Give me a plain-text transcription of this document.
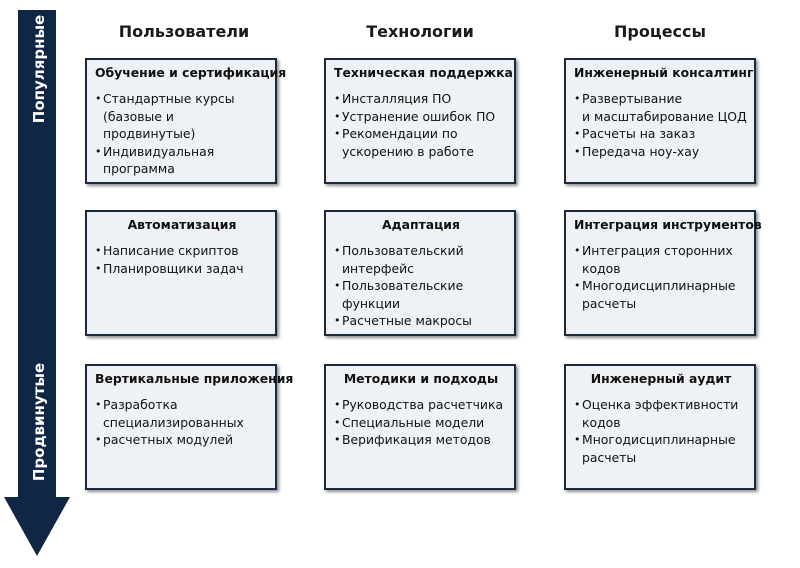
Популярные
Продвинутые
Пользователи	Технологии	Процессы
Обучение и сертификация
• Стандартные курсы
(базовые и продвинутые)
• Индивидуальная программа
Техническая поддержка
• Инсталляция ПО
• Устранение ошибок ПО
• Рекомендации по
ускорению в работе
Инженерный консалтинг
• Развертывание
и масштабирование ЦОД
• Расчеты на заказ
• Передача ноу-хау
Автоматизация
• Написание скриптов
• Планировщики задач
Адаптация
• Пользовательский
интерфейс
• Пользовательские функции
• Расчетные макросы
Интеграция инструментов
• Интеграция сторонних
кодов
• Многодисциплинарные
расчеты
Вертикальные приложения
• Разработка
специализированных
• расчетных модулей
Методики и подходы
• Руководства расчетчика
• Специальные модели
• Верификация методов
Инженерный аудит
• Оценка эффективности
кодов
• Многодисциплинарные
расчеты
